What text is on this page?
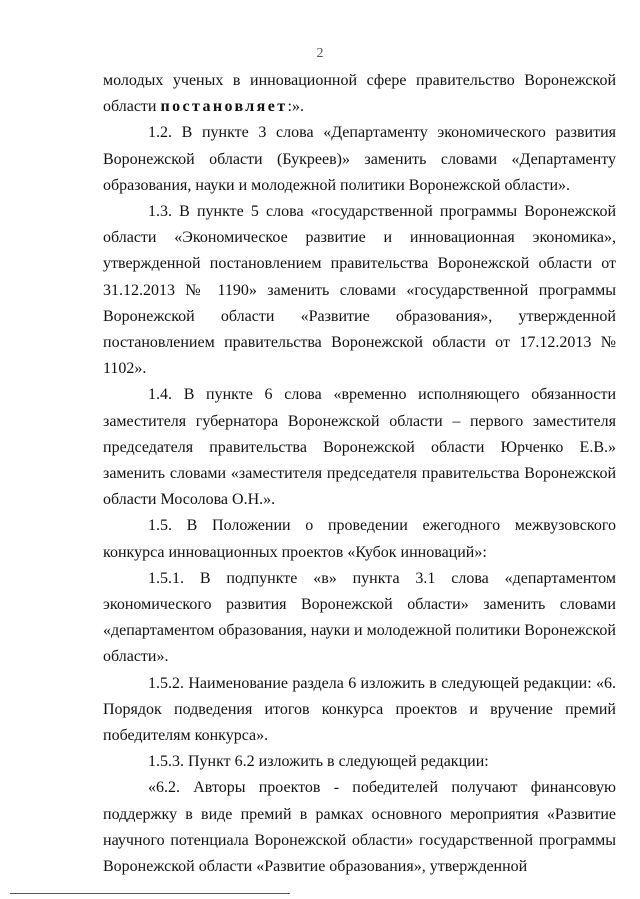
2

молодых ученых в инновационной сфере правительство Воронежской области постановляет:».

1.2. В пункте 3 слова «Департаменту экономического развития Воронежской области (Букреев)» заменить словами «Департаменту образования, науки и молодежной политики Воронежской области».

1.3. В пункте 5 слова «государственной программы Воронежской области «Экономическое развитие и инновационная экономика», утвержденной постановлением правительства Воронежской области от 31.12.2013 № 1190» заменить словами «государственной программы Воронежской области «Развитие образования», утвержденной постановлением правительства Воронежской области от 17.12.2013 № 1102».

1.4. В пункте 6 слова «временно исполняющего обязанности заместителя губернатора Воронежской области – первого заместителя председателя правительства Воронежской области Юрченко Е.В.» заменить словами «заместителя председателя правительства Воронежской области Мосолова О.Н.».

1.5. В Положении о проведении ежегодного межвузовского конкурса инновационных проектов «Кубок инноваций»:

1.5.1. В подпункте «в» пункта 3.1 слова «департаментом экономического развития Воронежской области» заменить словами «департаментом образования, науки и молодежной политики Воронежской области».

1.5.2. Наименование раздела 6 изложить в следующей редакции: «6. Порядок подведения итогов конкурса проектов и вручение премий победителям конкурса».

1.5.3. Пункт 6.2 изложить в следующей редакции:

«6.2. Авторы проектов - победителей получают финансовую поддержку в виде премий в рамках основного мероприятия «Развитие научного потенциала Воронежской области» государственной программы Воронежской области «Развитие образования», утвержденной
